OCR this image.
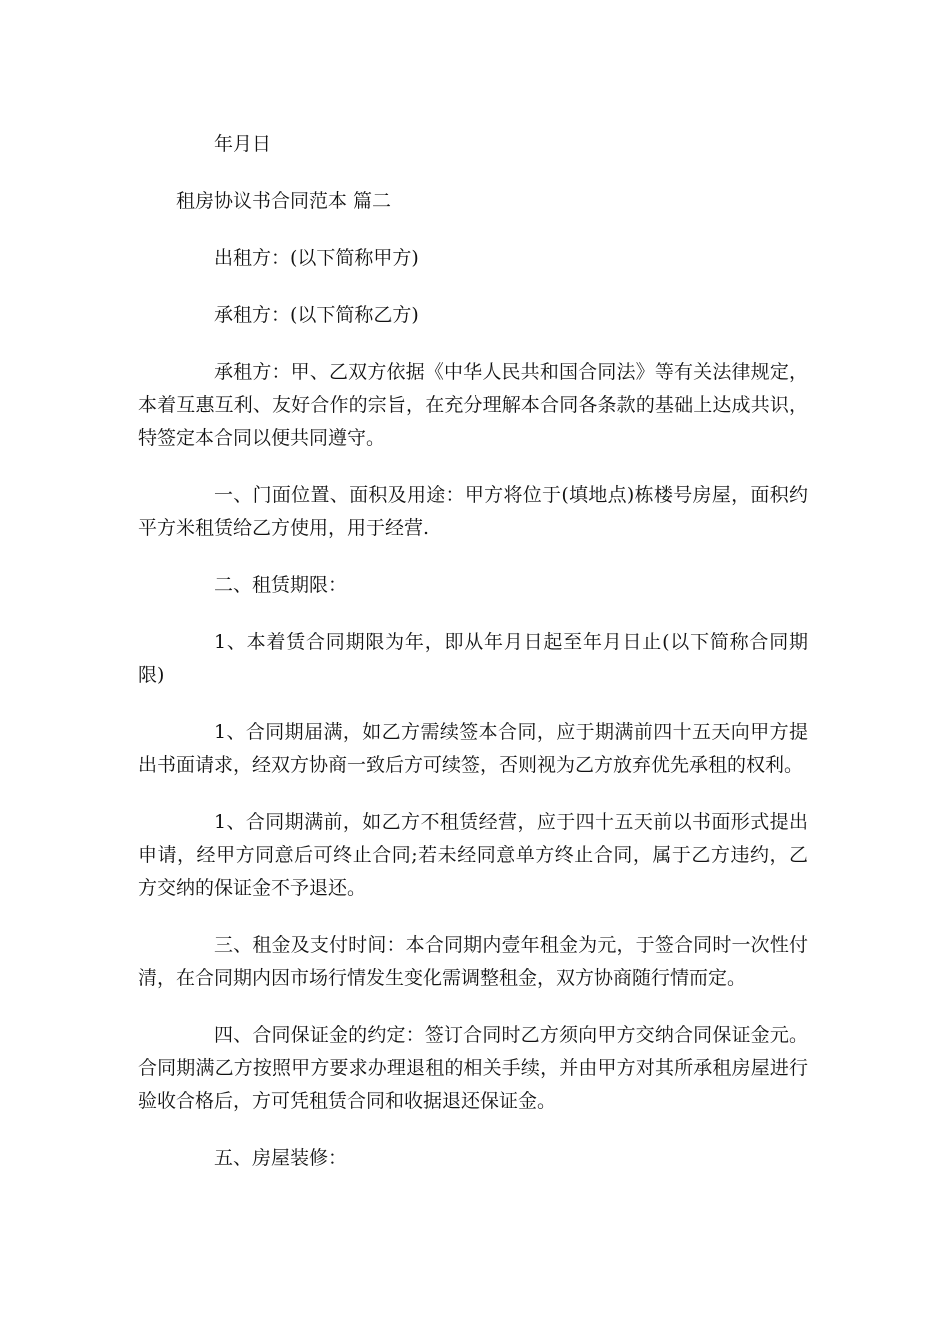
年月日

租房协议书合同范本 篇二

出租方：(以下简称甲方)

承租方：(以下简称乙方)

承租方：甲、乙双方依据《中华人民共和国合同法》等有关法律规定，本着互惠互利、友好合作的宗旨，在充分理解本合同各条款的基础上达成共识，特签定本合同以便共同遵守。

一、门面位置、面积及用途：甲方将位于(填地点)栋楼号房屋，面积约平方米租赁给乙方使用，用于经营.

二、租赁期限：

1、本着赁合同期限为年，即从年月日起至年月日止(以下简称合同期限)

1、合同期届满，如乙方需续签本合同，应于期满前四十五天向甲方提出书面请求，经双方协商一致后方可续签，否则视为乙方放弃优先承租的权利。

1、合同期满前，如乙方不租赁经营，应于四十五天前以书面形式提出申请，经甲方同意后可终止合同;若未经同意单方终止合同，属于乙方违约，乙方交纳的保证金不予退还。

三、租金及支付时间：本合同期内壹年租金为元，于签合同时一次性付清，在合同期内因市场行情发生变化需调整租金，双方协商随行情而定。

四、合同保证金的约定：签订合同时乙方须向甲方交纳合同保证金元。合同期满乙方按照甲方要求办理退租的相关手续，并由甲方对其所承租房屋进行验收合格后，方可凭租赁合同和收据退还保证金。

五、房屋装修：
